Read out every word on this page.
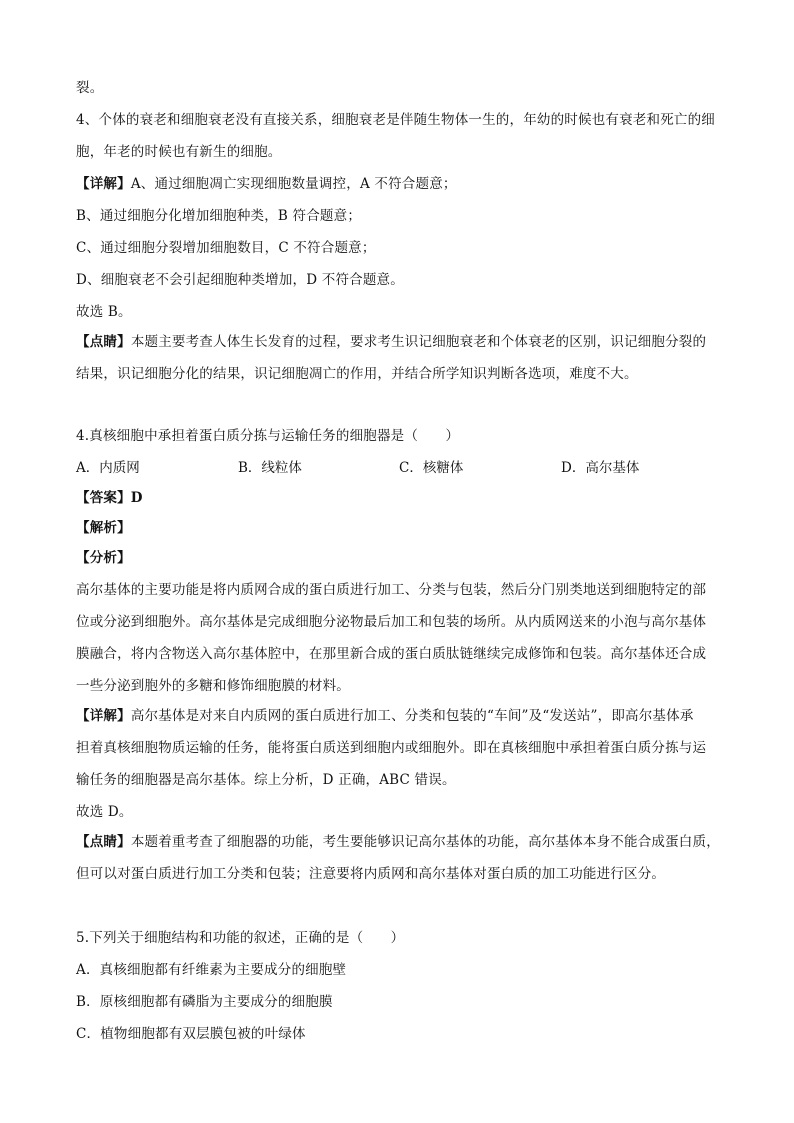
裂。
4、个体的衰老和细胞衰老没有直接关系，细胞衰老是伴随生物体一生的，年幼的时候也有衰老和死亡的细
胞，年老的时候也有新生的细胞。
【详解】A、通过细胞凋亡实现细胞数量调控，A 不符合题意；
B、通过细胞分化增加细胞种类，B 符合题意；
C、通过细胞分裂增加细胞数目，C 不符合题意；
D、细胞衰老不会引起细胞种类增加，D 不符合题意。
故选 B。
【点睛】本题主要考查人体生长发育的过程，要求考生识记细胞衰老和个体衰老的区别，识记细胞分裂的
结果，识记细胞分化的结果，识记细胞凋亡的作用，并结合所学知识判断各选项，难度不大。
4.真核细胞中承担着蛋白质分拣与运输任务的细胞器是（　　）
A．内质网	B．线粒体	C．核糖体	D．高尔基体
【答案】D
【解析】
【分析】
高尔基体的主要功能是将内质网合成的蛋白质进行加工、分类与包装，然后分门别类地送到细胞特定的部
位或分泌到细胞外。高尔基体是完成细胞分泌物最后加工和包装的场所。从内质网送来的小泡与高尔基体
膜融合，将内含物送入高尔基体腔中，在那里新合成的蛋白质肽链继续完成修饰和包装。高尔基体还合成
一些分泌到胞外的多糖和修饰细胞膜的材料。
【详解】高尔基体是对来自内质网的蛋白质进行加工、分类和包装的“车间”及“发送站”，即高尔基体承
担着真核细胞物质运输的任务，能将蛋白质送到细胞内或细胞外。即在真核细胞中承担着蛋白质分拣与运
输任务的细胞器是高尔基体。综上分析，D 正确，ABC 错误。
故选 D。
【点睛】本题着重考查了细胞器的功能，考生要能够识记高尔基体的功能，高尔基体本身不能合成蛋白质，
但可以对蛋白质进行加工分类和包装；注意要将内质网和高尔基体对蛋白质的加工功能进行区分。
5.下列关于细胞结构和功能的叙述，正确的是（　　）
A．真核细胞都有纤维素为主要成分的细胞壁
B．原核细胞都有磷脂为主要成分的细胞膜
C．植物细胞都有双层膜包被的叶绿体
